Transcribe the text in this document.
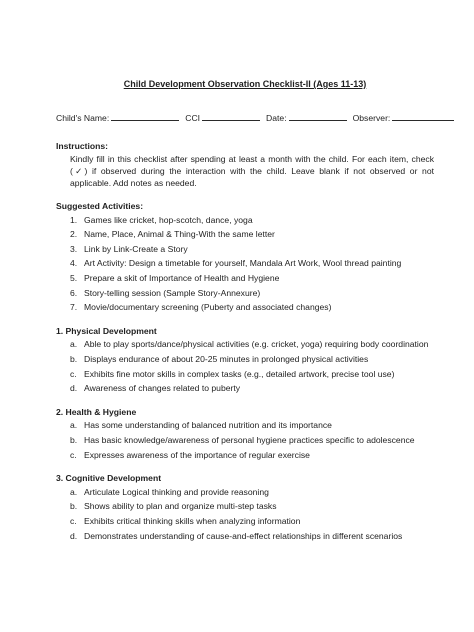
Child Development Observation Checklist-II (Ages 11-13)
Child's Name:	CCI	Date:	Observer:
Instructions:
Kindly fill in this checklist after spending at least a month with the child. For each item, check (✓) if observed during the interaction with the child. Leave blank if not observed or not applicable. Add notes as needed.
Suggested Activities:
1. Games like cricket, hop-scotch, dance, yoga
2. Name, Place, Animal & Thing-With the same letter
3. Link by Link-Create a Story
4. Art Activity: Design a timetable for yourself, Mandala Art Work, Wool thread painting
5. Prepare a skit of Importance of Health and Hygiene
6. Story-telling session (Sample Story-Annexure)
7. Movie/documentary screening (Puberty and associated changes)
1. Physical Development
a. Able to play sports/dance/physical activities (e.g. cricket, yoga) requiring body coordination
b. Displays endurance of about 20-25 minutes in prolonged physical activities
c. Exhibits fine motor skills in complex tasks (e.g., detailed artwork, precise tool use)
d. Awareness of changes related to puberty
2. Health & Hygiene
a. Has some understanding of balanced nutrition and its importance
b. Has basic knowledge/awareness of personal hygiene practices specific to adolescence
c. Expresses awareness of the importance of regular exercise
3. Cognitive Development
a. Articulate Logical thinking and provide reasoning
b. Shows ability to plan and organize multi-step tasks
c. Exhibits critical thinking skills when analyzing information
d. Demonstrates understanding of cause-and-effect relationships in different scenarios
